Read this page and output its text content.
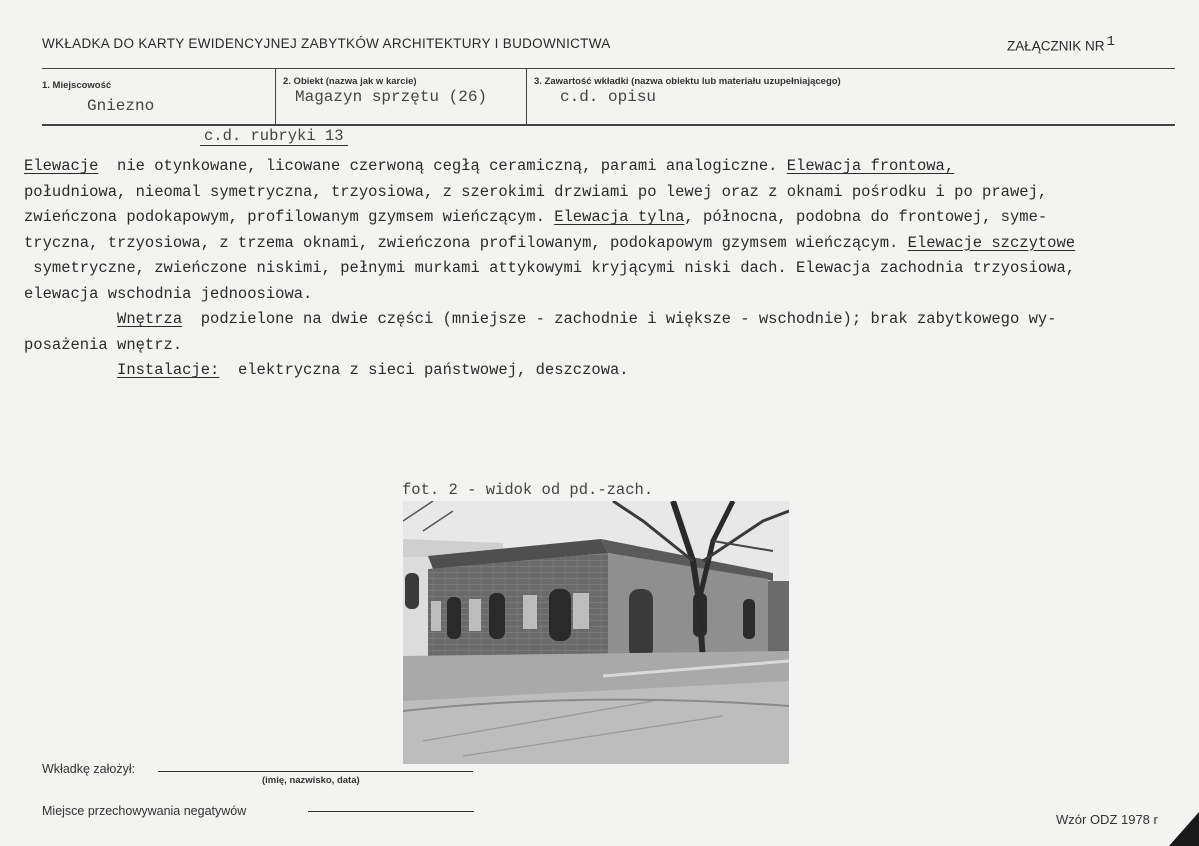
WKŁADKA DO KARTY EWIDENCYJNEJ ZABYTKÓW ARCHITEKTURY I BUDOWNICTWA	ZAŁĄCZNIK NR 1
1. Miejscowość
Gniezno
2. Obiekt (nazwa jak w karcie)
Magazyn sprzętu (26)
3. Zawartość wkładki (nazwa obiektu lub materiału uzupełniającego)
c.d. opisu
c.d. rubryki 13
Elewacje  nie otynkowane, licowane czerwoną cegłą ceramiczną, parami analogiczne. Elewacja frontowa,
południowa, nieomal symetryczna, trzyosiowa, z szerokimi drzwiami po lewej oraz z oknami pośrodku i po prawej,
zwieńczona podokapowym, profilowanym gzymsem wieńczącym. Elewacja tylna, północna, podobna do frontowej, syme-
tryczna, trzyosiowa, z trzema oknami, zwieńczona profilowanym, podokapowym gzymsem wieńczącym. Elewacje szczytowe
symetryczne, zwieńczone niskimi, pełnymi murkami attykowymi kryjącymi niski dach. Elewacja zachodnia trzyosiowa,
elewacja wschodnia jednoosiowa.
Wnętrza  podzielone na dwie części (mniejsze - zachodnie i większe - wschodnie); brak zabytkowego wy-
posażenia wnętrz.
Instalacje:  elektryczna z sieci państwowej, deszczowa.
fot. 2 - widok od pd.-zach.
Wkładkę założył:
(imię, nazwisko, data)
Miejsce przechowywania negatywów
Wzór ODZ 1978 r
